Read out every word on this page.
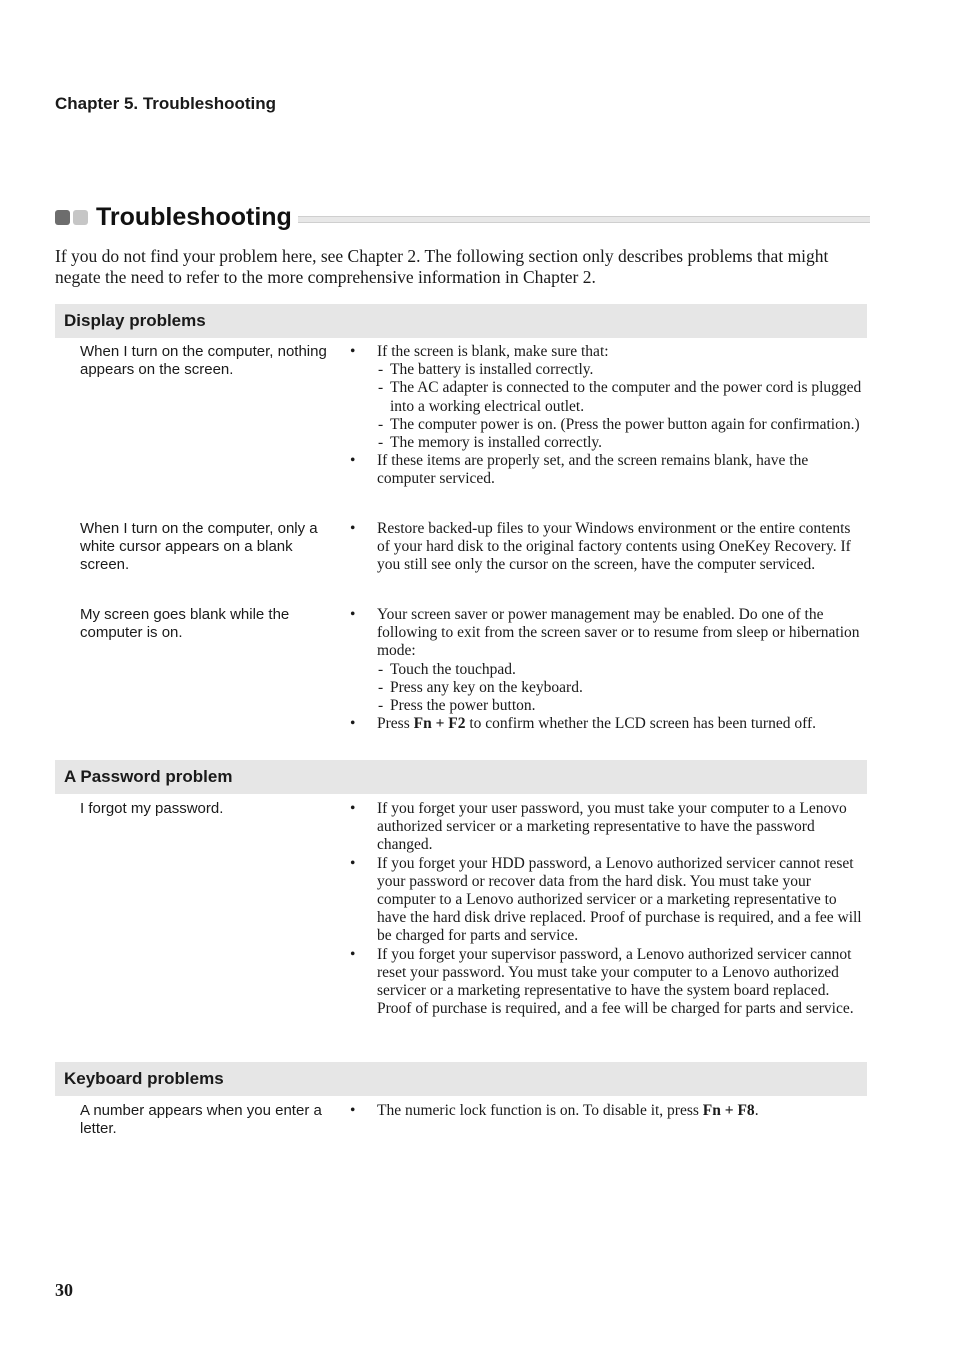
Chapter 5. Troubleshooting
Troubleshooting

If you do not find your problem here, see Chapter 2. The following section only describes problems that might negate the need to refer to the more comprehensive information in Chapter 2.

Display problems
When I turn on the computer, nothing appears on the screen.
• If the screen is blank, make sure that:
- The battery is installed correctly.
- The AC adapter is connected to the computer and the power cord is plugged into a working electrical outlet.
- The computer power is on. (Press the power button again for confirmation.)
- The memory is installed correctly.
• If these items are properly set, and the screen remains blank, have the computer serviced.
When I turn on the computer, only a white cursor appears on a blank screen.
• Restore backed-up files to your Windows environment or the entire contents of your hard disk to the original factory contents using OneKey Recovery. If you still see only the cursor on the screen, have the computer serviced.
My screen goes blank while the computer is on.
• Your screen saver or power management may be enabled. Do one of the following to exit from the screen saver or to resume from sleep or hibernation mode:
- Touch the touchpad.
- Press any key on the keyboard.
- Press the power button.
• Press Fn + F2 to confirm whether the LCD screen has been turned off.
A Password problem
I forgot my password.
•	If you forget your user password, you must take your computer to a Lenovo authorized servicer or a marketing representative to have the password changed.
• If you forget your HDD password, a Lenovo authorized servicer cannot reset your password or recover data from the hard disk. You must take your computer to a Lenovo authorized servicer or a marketing representative to have the hard disk drive replaced. Proof of purchase is required, and a fee will be charged for parts and service.
• If you forget your supervisor password, a Lenovo authorized servicer cannot reset your password. You must take your computer to a Lenovo authorized servicer or a marketing representative to have the system board replaced. Proof of purchase is required, and a fee will be charged for parts and service.
Keyboard problems
A number appears when you enter a letter.
• The numeric lock function is on. To disable it, press Fn + F8.
30
